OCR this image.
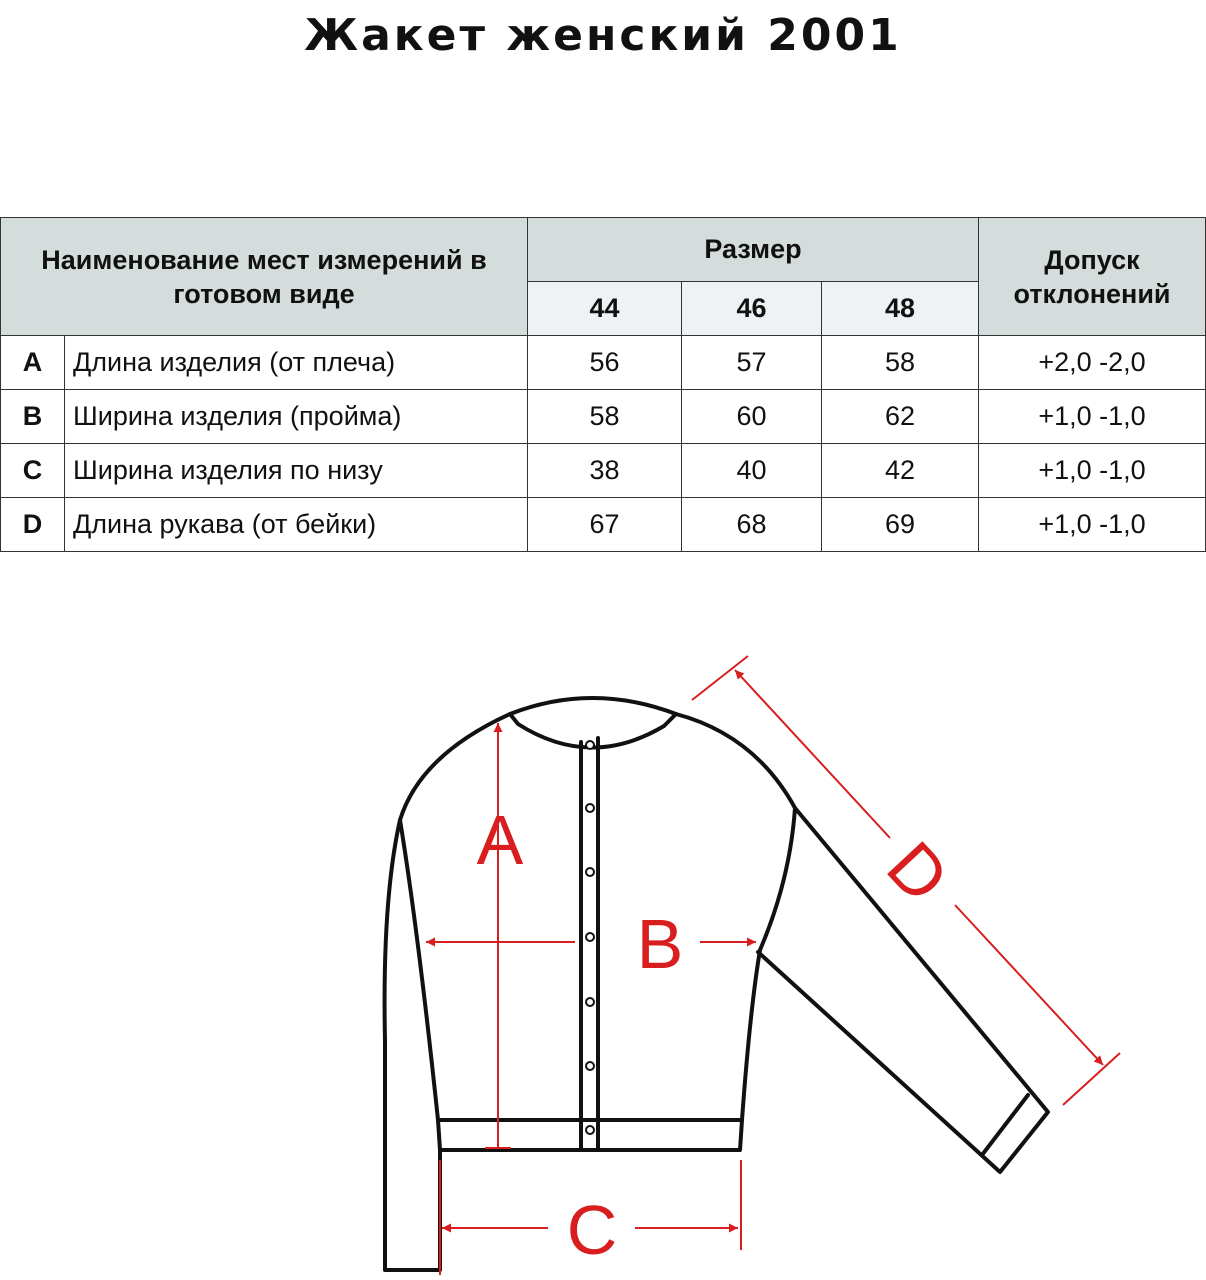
Жакет женский 2001
Наименование мест измерений в готовом виде		Размер			Допуск отклонений

		44	46	48	
A	Длина изделия (от плеча)	56	57	58	+2,0 -2,0
B	Ширина изделия (пройма)	58	60	62	+1,0 -1,0
C	Ширина изделия по низу	38	40	42	+1,0 -1,0
D	Длина рукава (от бейки)	67	68	69	+1,0 -1,0
A
B
C
D
